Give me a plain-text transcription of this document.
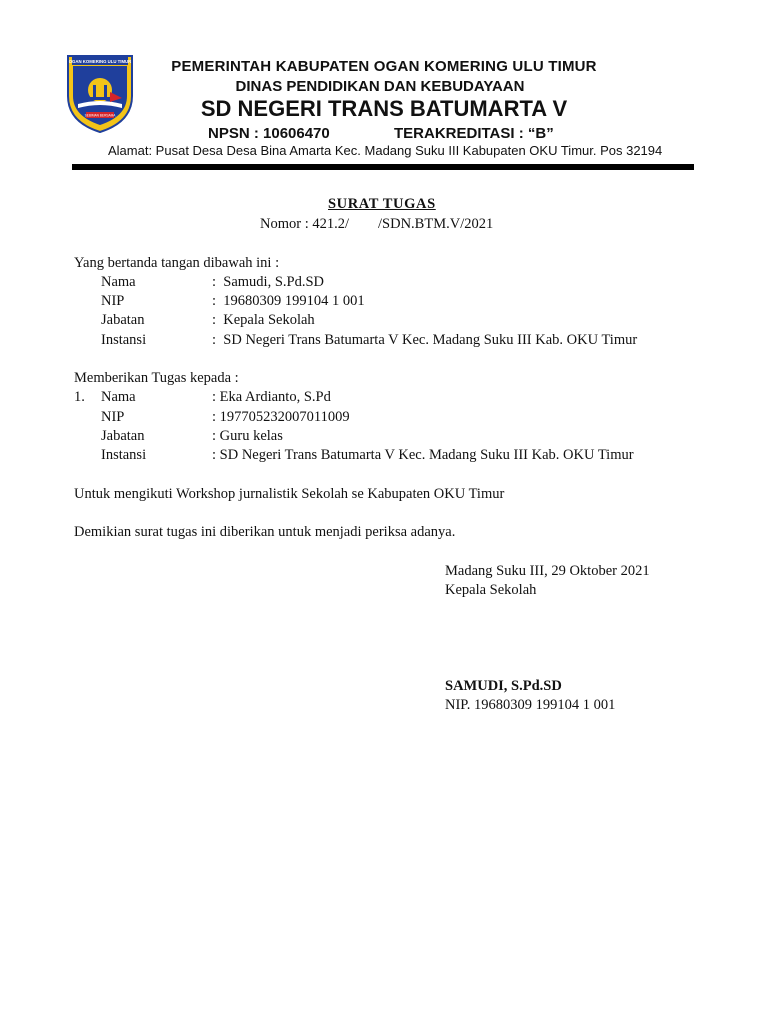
OGAN KOMERING ULU TIMUR
SEBIMAN BERSAMA
PEMERINTAH KABUPATEN OGAN KOMERING ULU TIMUR
DINAS PENDIDIKAN DAN KEBUDAYAAN
SD NEGERI TRANS BATUMARTA V
NPSN : 10606470	TERAKREDITASI : “B”
Alamat: Pusat Desa Desa Bina Amarta Kec. Madang Suku III Kabupaten OKU Timur. Pos 32194
SURAT TUGAS
Nomor : 421.2/        /SDN.BTM.V/2021
Yang bertanda tangan dibawah ini :
Nama	:  Samudi, S.Pd.SD
NIP	:  19680309 199104 1 001
Jabatan	:  Kepala Sekolah
Instansi	:  SD Negeri Trans Batumarta V Kec. Madang Suku III Kab. OKU Timur
Memberikan Tugas kepada :
1. Nama	: Eka Ardianto, S.Pd
NIP	: 197705232007011009
Jabatan	: Guru kelas
Instansi	: SD Negeri Trans Batumarta V Kec. Madang Suku III Kab. OKU Timur
Untuk mengikuti Workshop jurnalistik Sekolah se Kabupaten OKU Timur
Demikian surat tugas ini diberikan untuk menjadi periksa adanya.
Madang Suku III, 29 Oktober 2021
Kepala Sekolah
SAMUDI, S.Pd.SD
NIP. 19680309 199104 1 001
